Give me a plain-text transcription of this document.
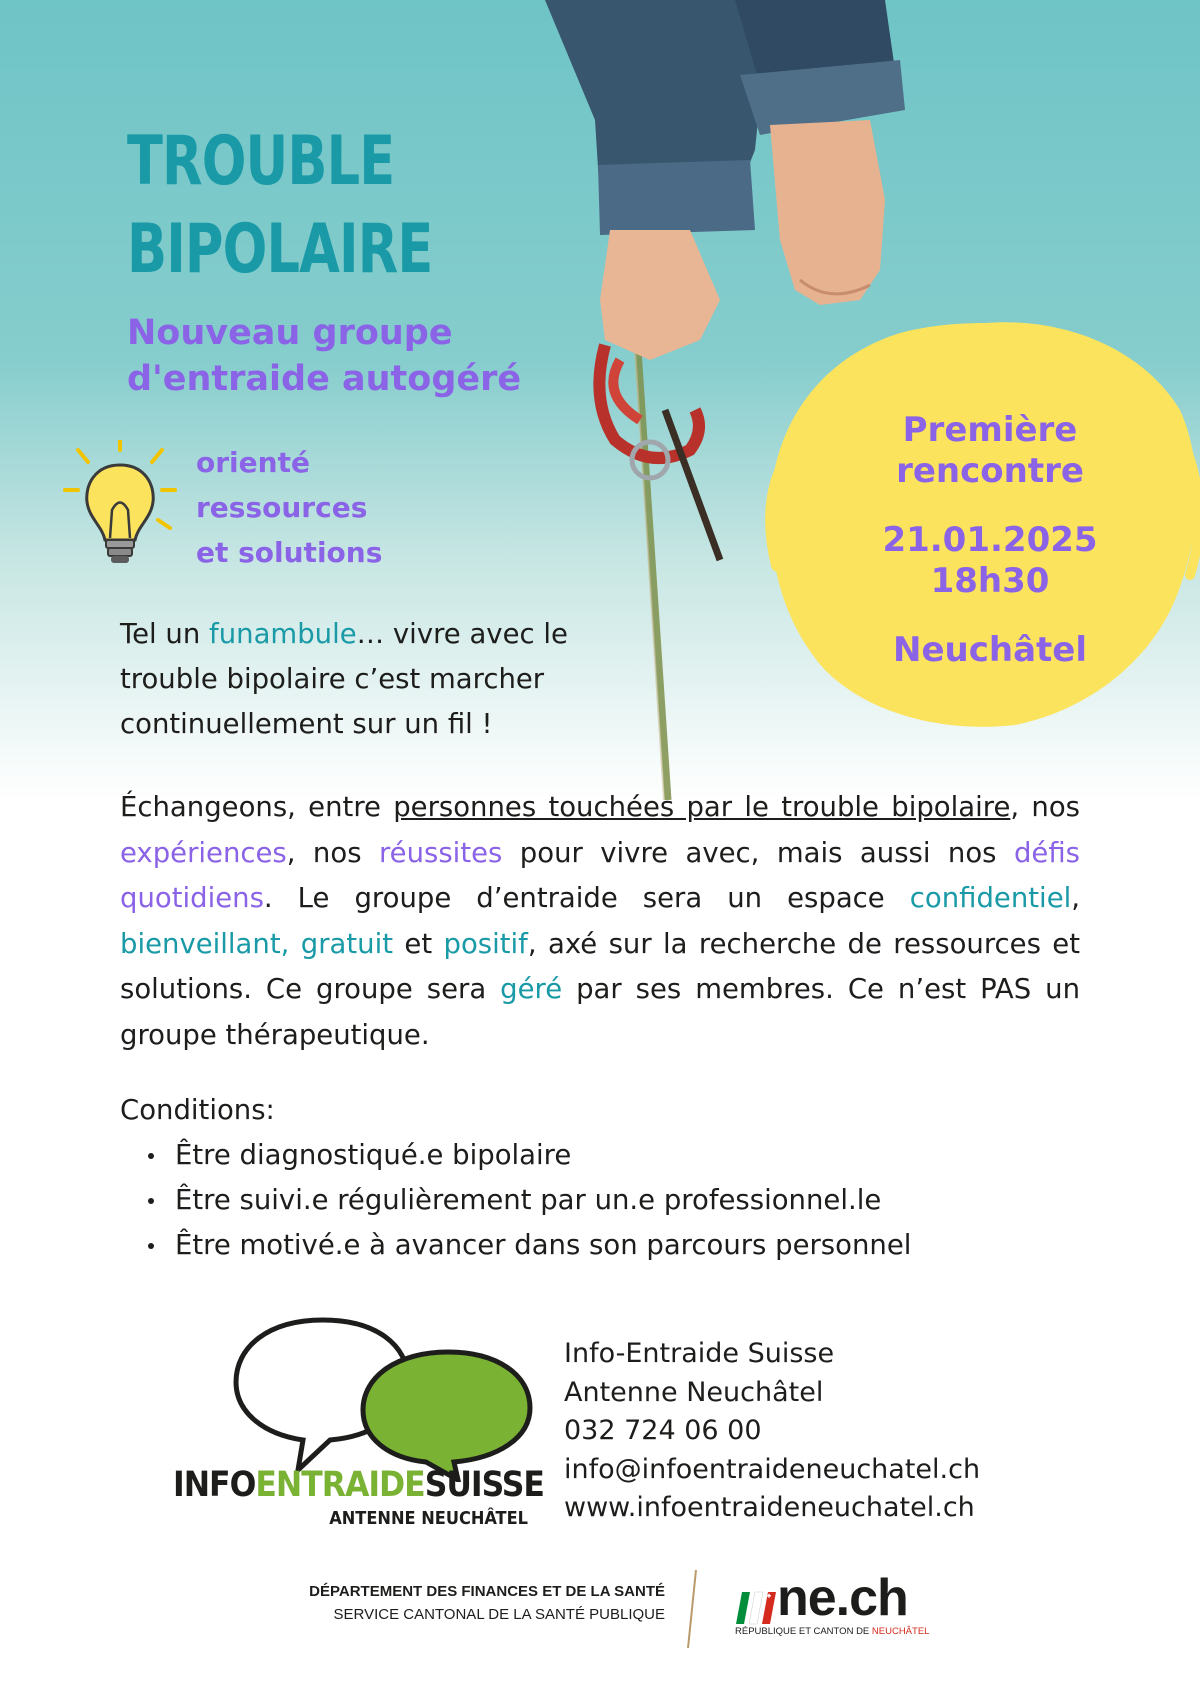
TROUBLE
BIPOLAIRE
Nouveau groupe
d'entraide autogéré
orienté
ressources
et solutions
Première
rencontre
21.01.2025
18h30
Neuchâtel

Tel un funambule… vivre avec le trouble bipolaire c’est marcher continuellement sur un fil !

Échangeons, entre personnes touchées par le trouble bipolaire, nos expériences, nos réussites pour vivre avec, mais aussi nos défis quotidiens. Le groupe d’entraide sera un espace confidentiel, bienveillant, gratuit et positif, axé sur la recherche de ressources et solutions. Ce groupe sera géré par ses membres. Ce n’est PAS un groupe thérapeutique.

Conditions:
Être diagnostiqué.e bipolaire
Être suivi.e régulièrement par un.e professionnel.le
Être motivé.e à avancer dans son parcours personnel
INFOENTRAIDESUISSE
ANTENNE NEUCHÂTEL
Info-Entraide Suisse
Antenne Neuchâtel
032 724 06 00
info@infoentraideneuchatel.ch
www.infoentraideneuchatel.ch
DÉPARTEMENT DES FINANCES ET DE LA SANTÉ
SERVICE CANTONAL DE LA SANTÉ PUBLIQUE ne.ch
RÉPUBLIQUE ET CANTON DE NEUCHÂTEL
